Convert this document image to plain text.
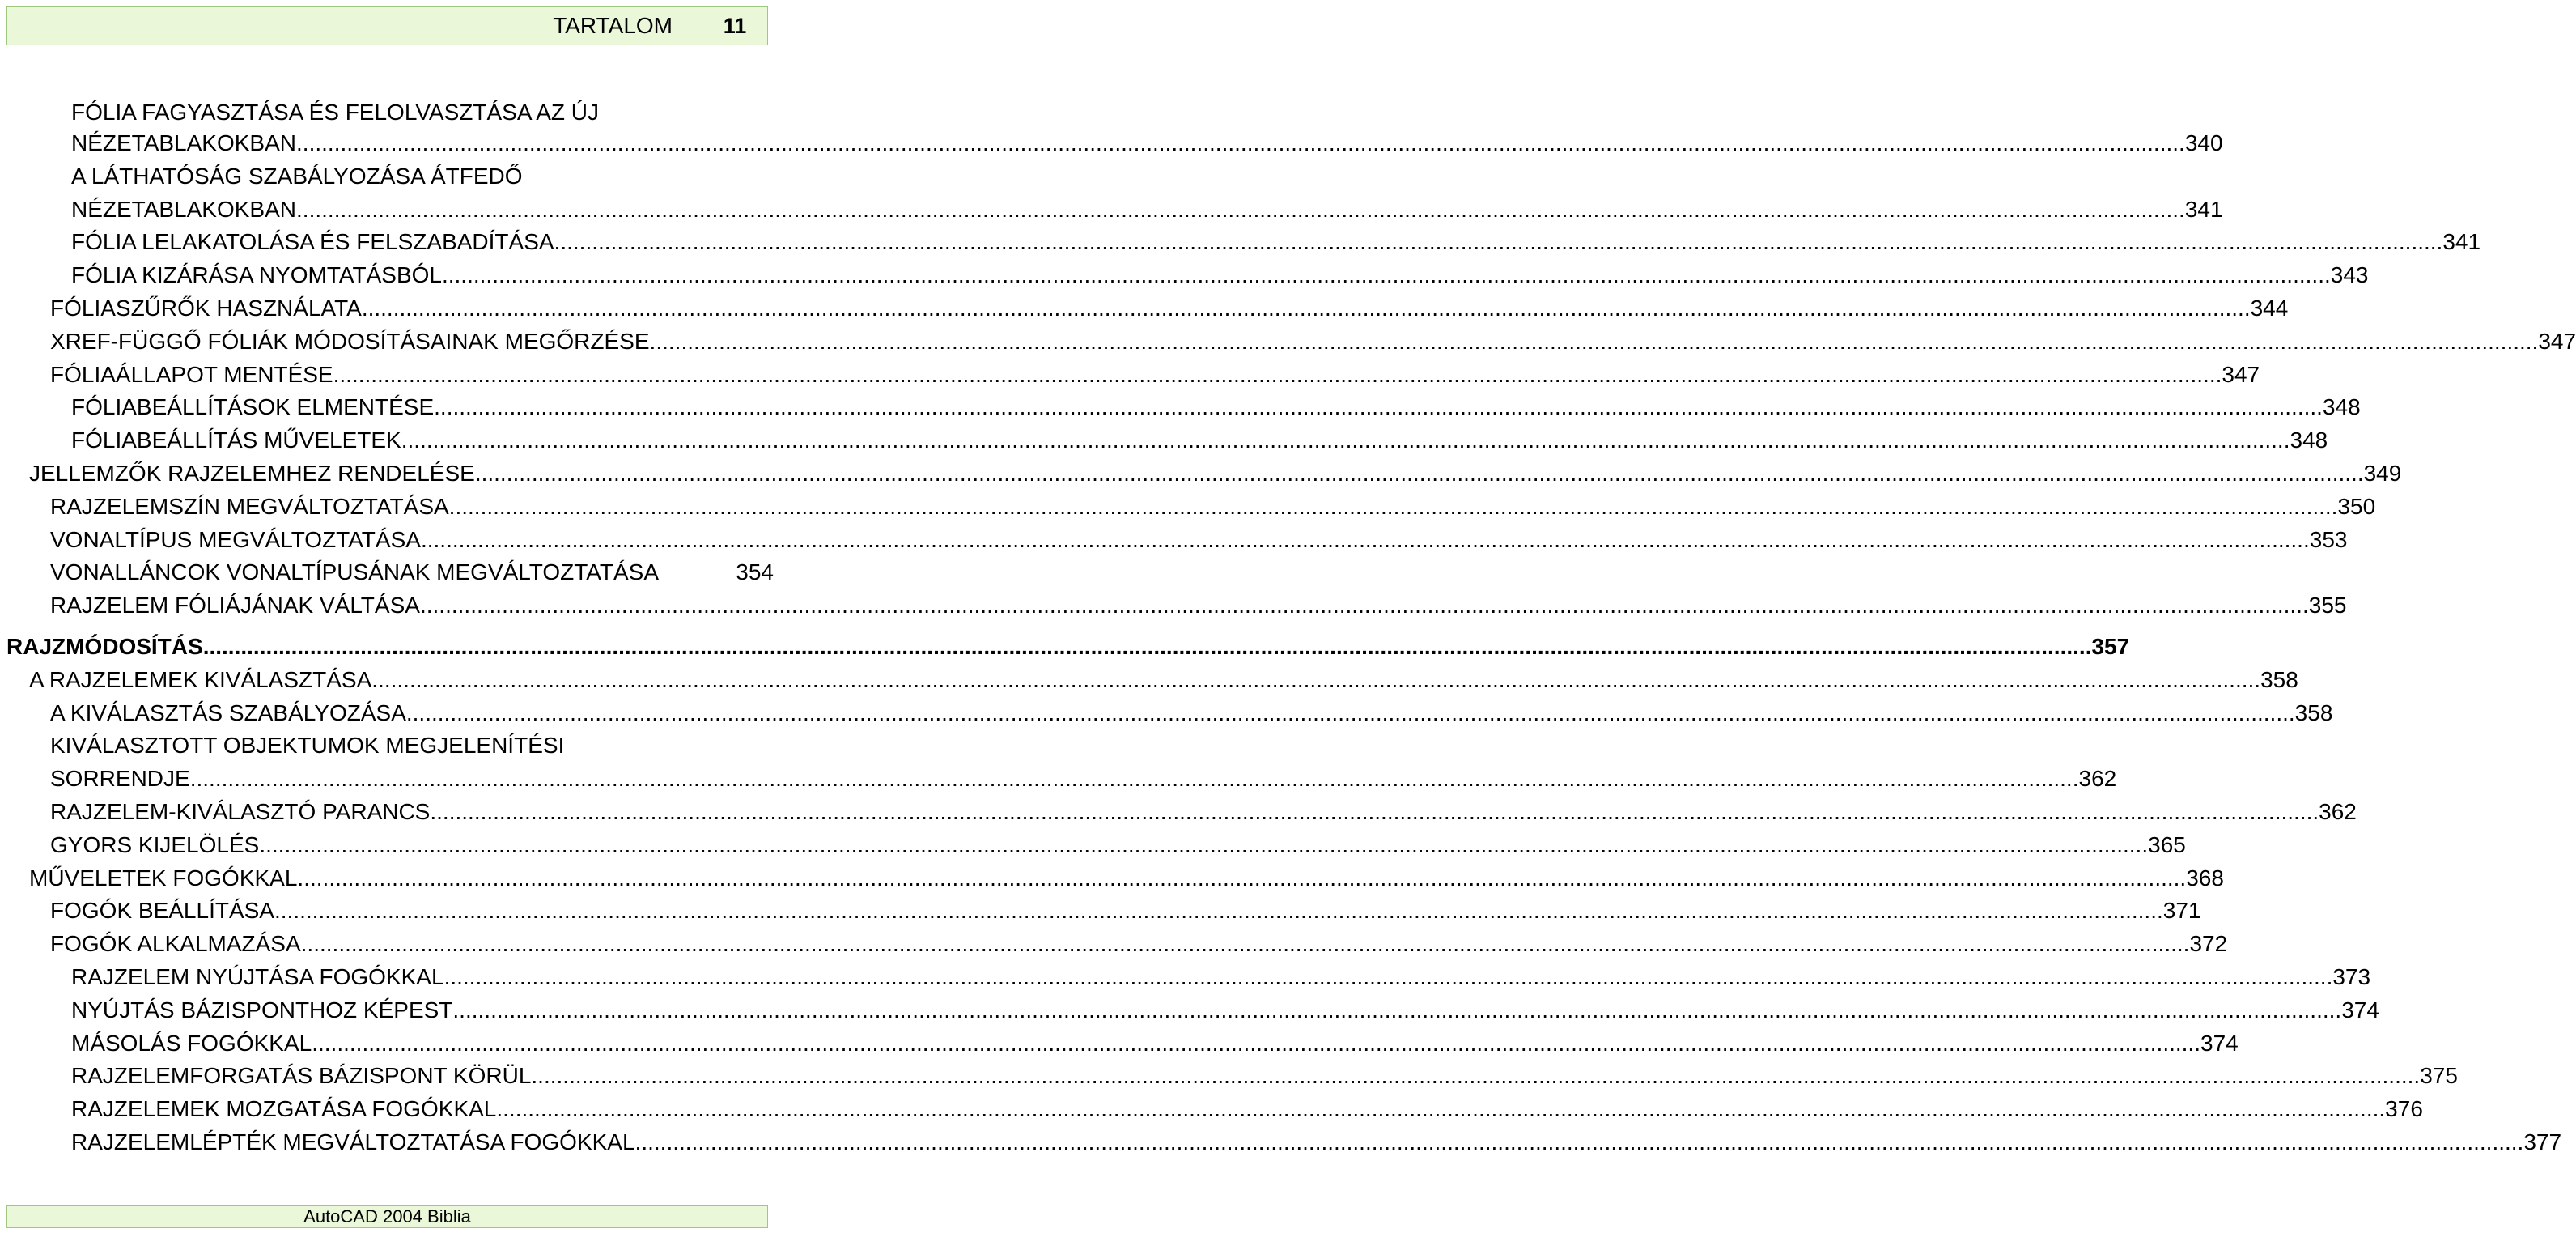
TARTALOM	11
FÓLIA FAGYASZTÁSA ÉS FELOLVASZTÁSA AZ ÚJ
NÉZETABLAKOKBAN ............................................................................................................................................................................................................................................................................................................ 340
A LÁTHATÓSÁG SZABÁLYOZÁSA ÁTFEDŐ
NÉZETABLAKOKBAN ............................................................................................................................................................................................................................................................................................................ 341
FÓLIA LELAKATOLÁSA ÉS FELSZABADÍTÁSA ............................................................................................................................................................................................................................................................................................................ 341
FÓLIA KIZÁRÁSA NYOMTATÁSBÓL ............................................................................................................................................................................................................................................................................................................ 343
FÓLIASZŰRŐK HASZNÁLATA ............................................................................................................................................................................................................................................................................................................ 344
XREF-FÜGGŐ FÓLIÁK MÓDOSÍTÁSAINAK MEGŐRZÉSE ............................................................................................................................................................................................................................................................................................................ 347
FÓLIAÁLLAPOT MENTÉSE ............................................................................................................................................................................................................................................................................................................ 347
FÓLIABEÁLLÍTÁSOK ELMENTÉSE ............................................................................................................................................................................................................................................................................................................ 348
FÓLIABEÁLLÍTÁS MŰVELETEK ............................................................................................................................................................................................................................................................................................................ 348
JELLEMZŐK RAJZELEMHEZ RENDELÉSE ............................................................................................................................................................................................................................................................................................................ 349
RAJZELEMSZÍN MEGVÁLTOZTATÁSA ............................................................................................................................................................................................................................................................................................................ 350
VONALTÍPUS MEGVÁLTOZTATÁSA ............................................................................................................................................................................................................................................................................................................ 353
VONALLÁNCOK VONALTÍPUSÁNAK MEGVÁLTOZTATÁSA	354
RAJZELEM FÓLIÁJÁNAK VÁLTÁSA ............................................................................................................................................................................................................................................................................................................ 355
RAJZMÓDOSÍTÁS ............................................................................................................................................................................................................................................................................................................ 357
A RAJZELEMEK KIVÁLASZTÁSA ............................................................................................................................................................................................................................................................................................................ 358
A KIVÁLASZTÁS SZABÁLYOZÁSA ............................................................................................................................................................................................................................................................................................................ 358
KIVÁLASZTOTT OBJEKTUMOK MEGJELENÍTÉSI
SORRENDJE ............................................................................................................................................................................................................................................................................................................ 362
RAJZELEM-KIVÁLASZTÓ PARANCS ............................................................................................................................................................................................................................................................................................................ 362
GYORS KIJELÖLÉS ............................................................................................................................................................................................................................................................................................................ 365
MŰVELETEK FOGÓKKAL ............................................................................................................................................................................................................................................................................................................ 368
FOGÓK BEÁLLÍTÁSA ............................................................................................................................................................................................................................................................................................................ 371
FOGÓK ALKALMAZÁSA ............................................................................................................................................................................................................................................................................................................ 372
RAJZELEM NYÚJTÁSA FOGÓKKAL ............................................................................................................................................................................................................................................................................................................ 373
NYÚJTÁS BÁZISPONTHOZ KÉPEST ............................................................................................................................................................................................................................................................................................................ 374
MÁSOLÁS FOGÓKKAL ............................................................................................................................................................................................................................................................................................................ 374
RAJZELEMFORGATÁS BÁZISPONT KÖRÜL ............................................................................................................................................................................................................................................................................................................ 375
RAJZELEMEK MOZGATÁSA FOGÓKKAL ............................................................................................................................................................................................................................................................................................................ 376
RAJZELEMLÉPTÉK MEGVÁLTOZTATÁSA FOGÓKKAL ............................................................................................................................................................................................................................................................................................................ 377
AutoCAD 2004 Biblia
